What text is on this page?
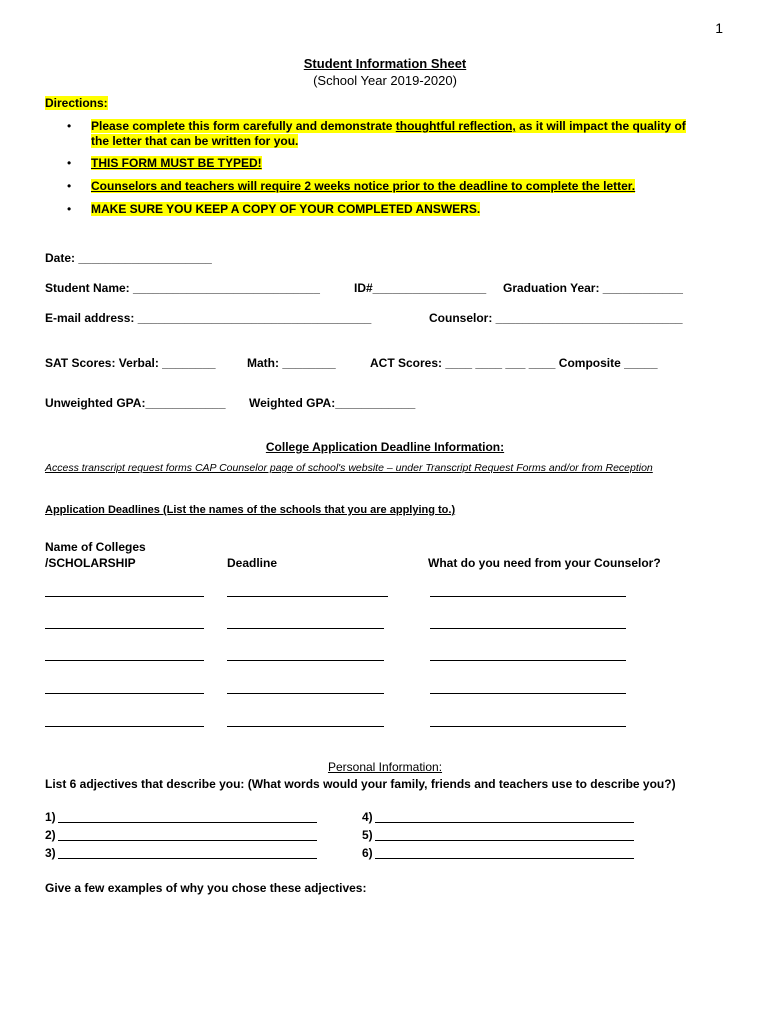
1
Student Information Sheet
(School Year 2019-2020)
Directions:
• Please complete this form carefully and demonstrate thoughtful reflection, as it will impact the quality of
the letter that can be written for you.
• THIS FORM MUST BE TYPED!
• Counselors and teachers will require 2 weeks notice prior to the deadline to complete the letter.
• MAKE SURE YOU KEEP A COPY OF YOUR COMPLETED ANSWERS.
Date: ____________________
Student Name: ____________________________	ID#_________________ Graduation Year: ____________
E-mail address: ___________________________________	Counselor: ____________________________
SAT Scores: Verbal: ________	Math: ________	ACT Scores: ____ ____ ___ ____ Composite _____
Unweighted GPA:____________ Weighted GPA:____________
College Application Deadline Information:
Access transcript request forms CAP Counselor page of school's website – under Transcript Request Forms and/or from Reception
Application Deadlines (List the names of the schools that you are applying to.)
Name of Colleges
/SCHOLARSHIP	Deadline	What do you need from your Counselor?
Personal Information:
List 6 adjectives that describe you: (What words would your family, friends and teachers use to describe you?)
1)
2)
3)
4)
5)
6)
Give a few examples of why you chose these adjectives:
